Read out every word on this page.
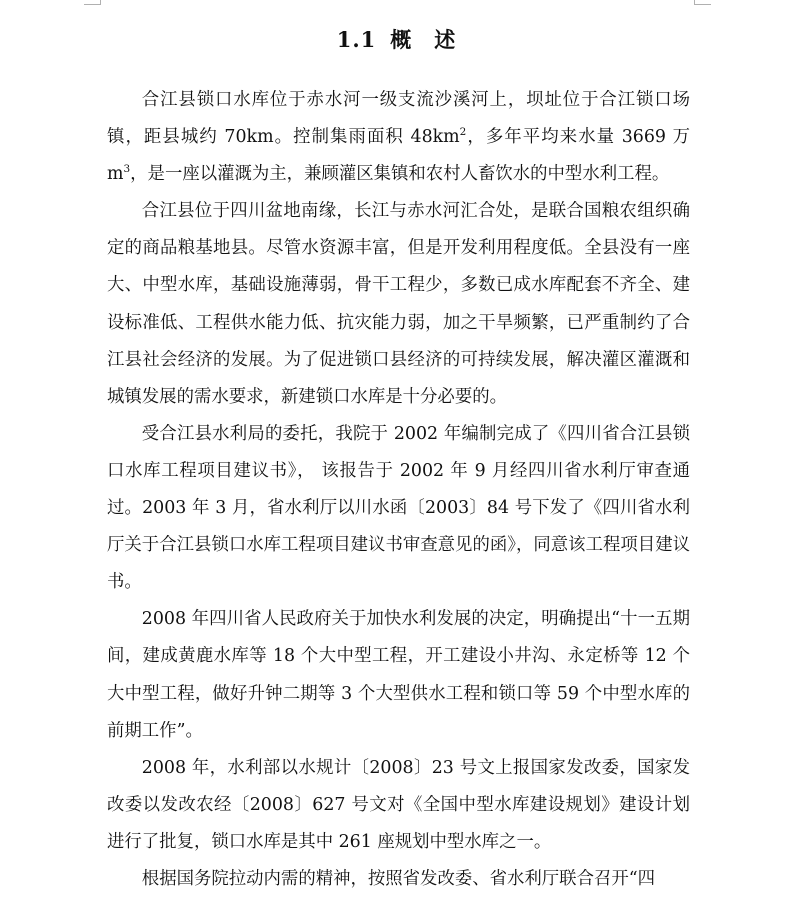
1.1 概 述

合江县锁口水库位于赤水河一级支流沙溪河上，坝址位于合江锁口场镇，距县城约 70km。控制集雨面积 $48km^2$，多年平均来水量 3669 万 $m^3$，是一座以灌溉为主，兼顾灌区集镇和农村人畜饮水的中型水利工程。

合江县位于四川盆地南缘，长江与赤水河汇合处，是联合国粮农组织确定的商品粮基地县。尽管水资源丰富，但是开发利用程度低。全县没有一座大、中型水库，基础设施薄弱，骨干工程少，多数已成水库配套不齐全、建设标准低、工程供水能力低、抗灾能力弱，加之干旱频繁，已严重制约了合江县社会经济的发展。为了促进锁口县经济的可持续发展，解决灌区灌溉和城镇发展的需水要求，新建锁口水库是十分必要的。

受合江县水利局的委托，我院于 2002 年编制完成了《四川省合江县锁口水库工程项目建议书》， 该报告于 2002 年 9 月经四川省水利厅审查通过。2003 年 3 月，省水利厅以川水函〔2003〕84 号下发了《四川省水利厅关于合江县锁口水库工程项目建议书审查意见的函》，同意该工程项目建议书。

2008 年四川省人民政府关于加快水利发展的决定，明确提出“十一五期间，建成黄鹿水库等 18 个大中型工程，开工建设小井沟、永定桥等 12 个大中型工程，做好升钟二期等 3 个大型供水工程和锁口等 59 个中型水库的前期工作”。

2008 年，水利部以水规计〔2008〕23 号文上报国家发改委，国家发改委以发改农经〔2008〕627 号文对《全国中型水库建设规划》建设计划进行了批复，锁口水库是其中 261 座规划中型水库之一。

根据国务院拉动内需的精神，按照省发改委、省水利厅联合召开“四
